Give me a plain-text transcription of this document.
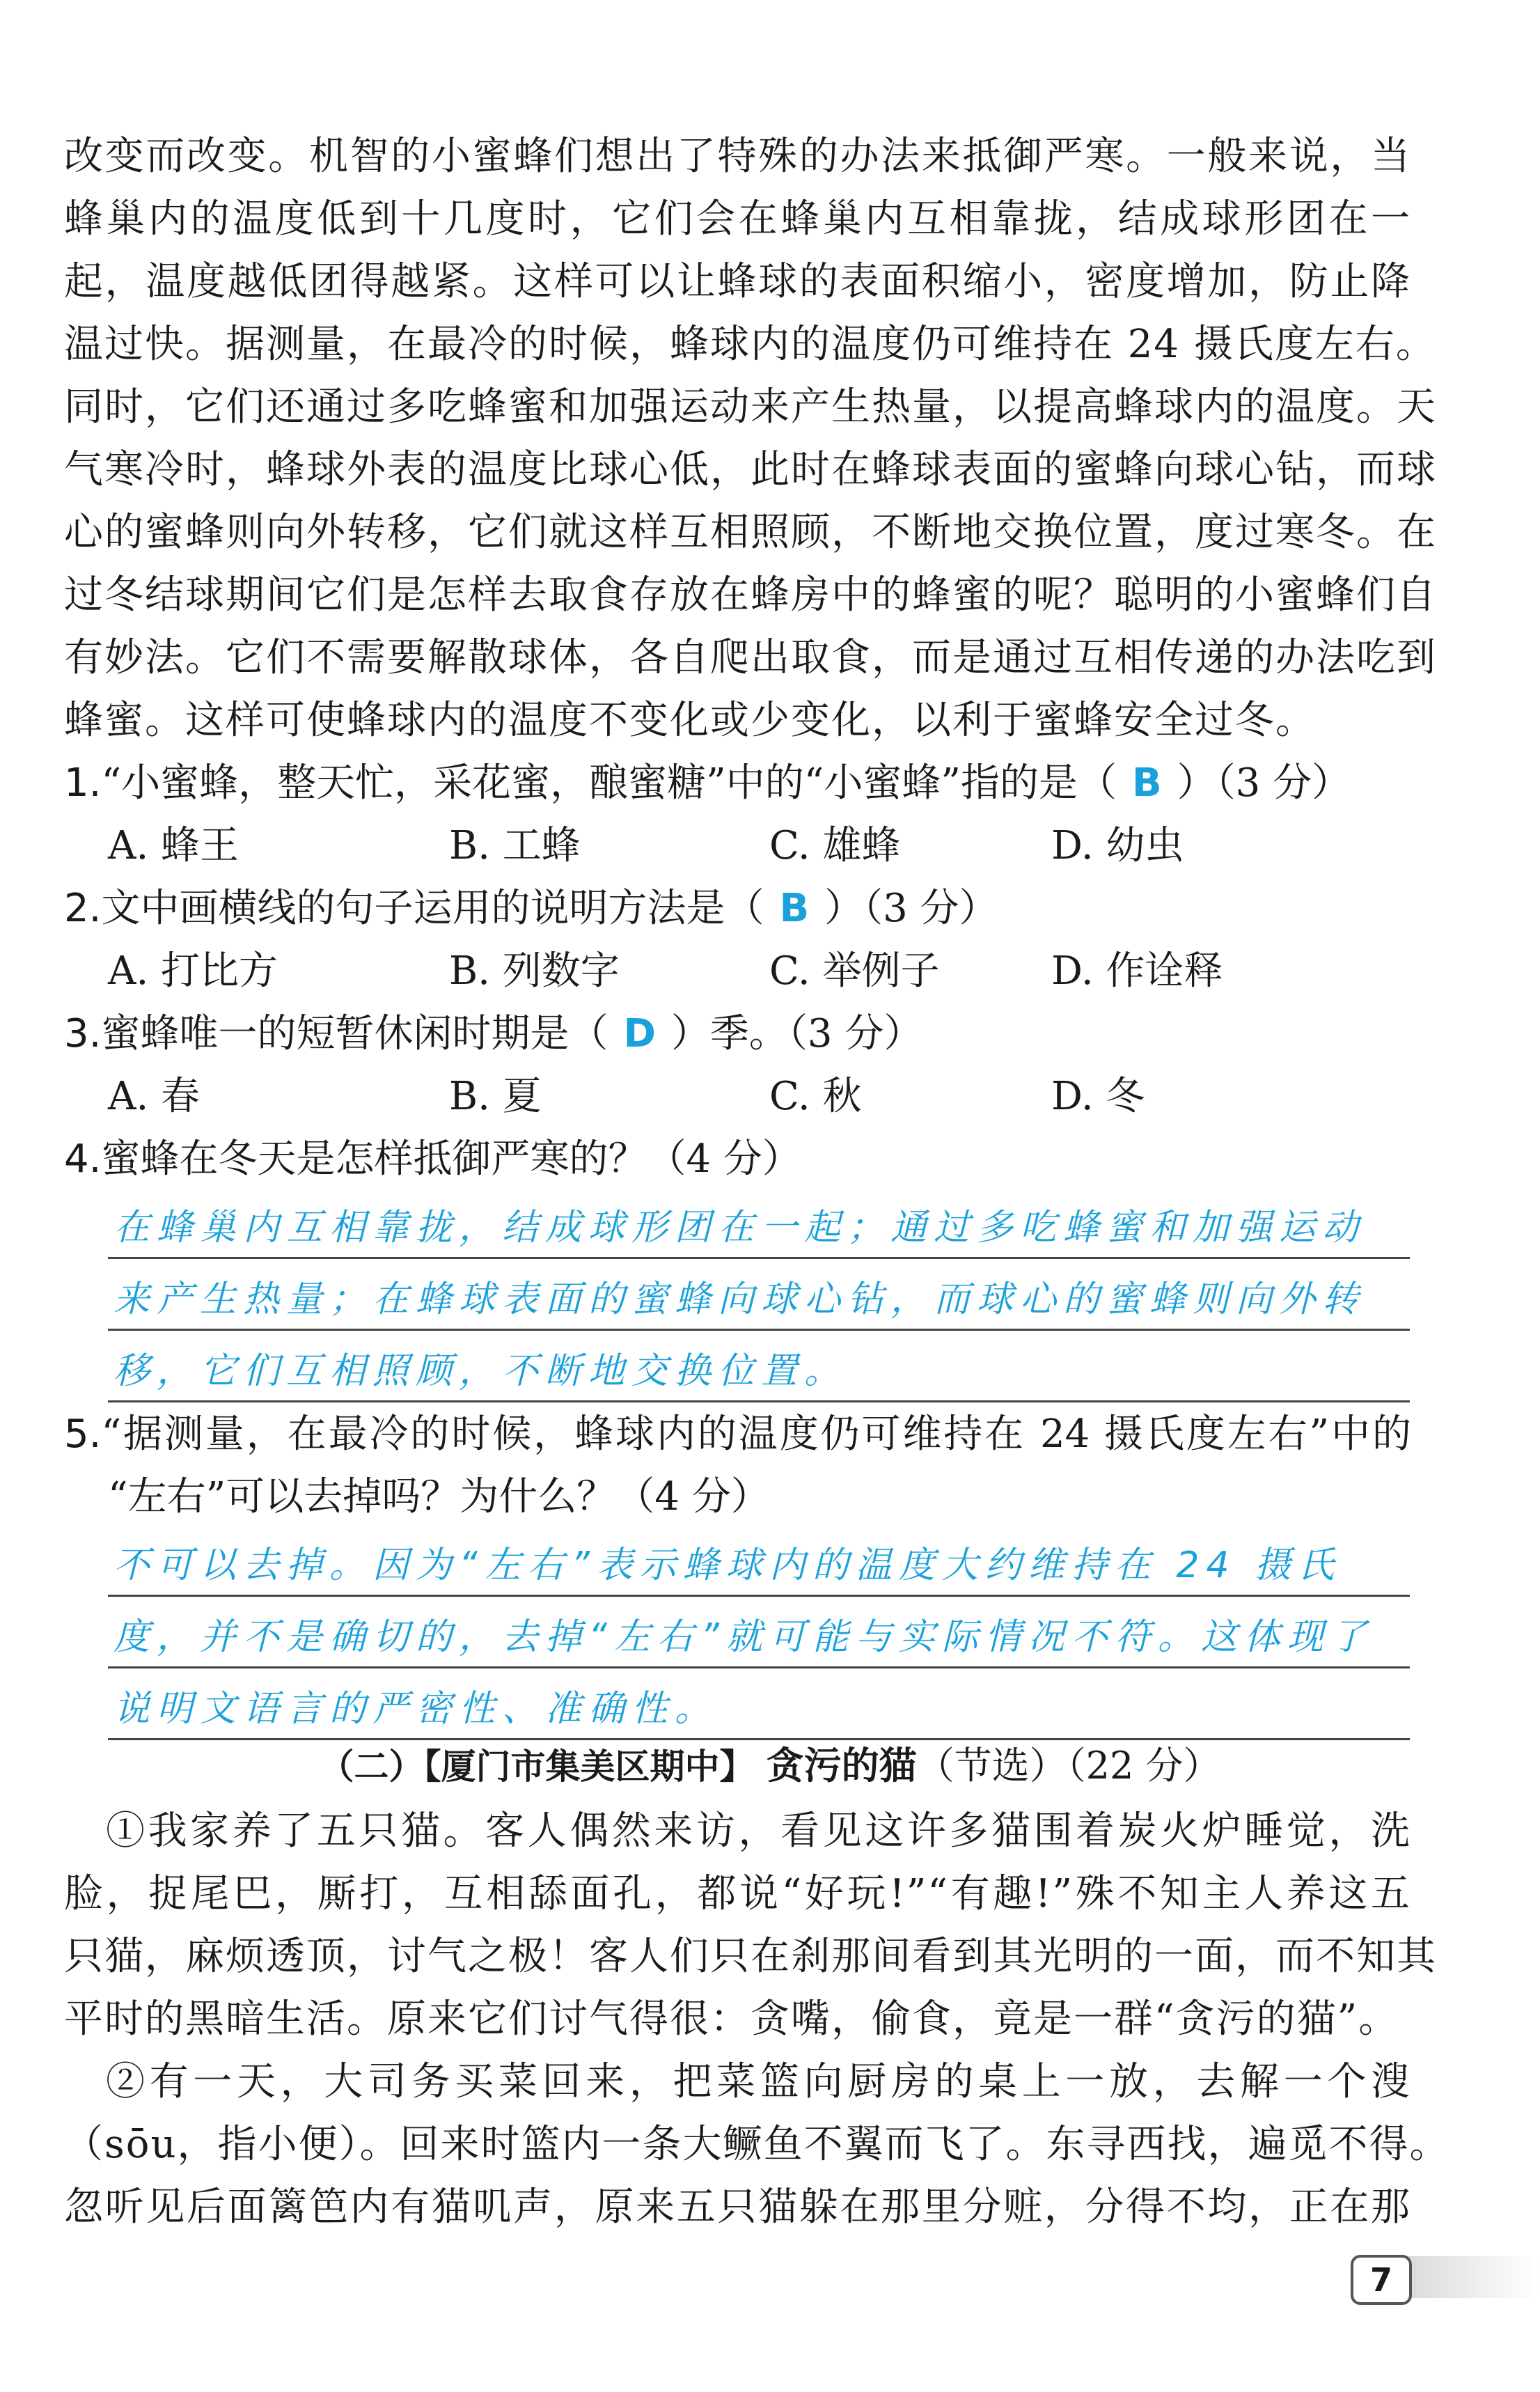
改变而改变。机智的小蜜蜂们想出了特殊的办法来抵御严寒。一般来说，当
蜂巢内的温度低到十几度时，它们会在蜂巢内互相靠拢，结成球形团在一
起，温度越低团得越紧。这样可以让蜂球的表面积缩小，密度增加，防止降
温过快。据测量，在最冷的时候，蜂球内的温度仍可维持在 24 摄氏度左右。
同时，它们还通过多吃蜂蜜和加强运动来产生热量，以提高蜂球内的温度。天
气寒冷时，蜂球外表的温度比球心低，此时在蜂球表面的蜜蜂向球心钻，而球
心的蜜蜂则向外转移，它们就这样互相照顾，不断地交换位置，度过寒冬。在
过冬结球期间它们是怎样去取食存放在蜂房中的蜂蜜的呢？聪明的小蜜蜂们自
有妙法。它们不需要解散球体，各自爬出取食，而是通过互相传递的办法吃到
蜂蜜。这样可使蜂球内的温度不变化或少变化，以利于蜜蜂安全过冬。
1.“小蜜蜂，整天忙，采花蜜，酿蜜糖”中的“小蜜蜂”指的是（ B ）（3 分）
A. 蜂王	B. 工蜂	C. 雄蜂	D. 幼虫
2.文中画横线的句子运用的说明方法是（ B ）（3 分）
A. 打比方	B. 列数字	C. 举例子	D. 作诠释
3.蜜蜂唯一的短暂休闲时期是（ D ）季。（3 分）
A. 春	B. 夏	C. 秋	D. 冬
4.蜜蜂在冬天是怎样抵御严寒的？（4 分）
在蜂巢内互相靠拢，结成球形团在一起；通过多吃蜂蜜和加强运动
来产生热量；在蜂球表面的蜜蜂向球心钻，而球心的蜜蜂则向外转
移，它们互相照顾，不断地交换位置。
5.“据测量，在最冷的时候，蜂球内的温度仍可维持在 24 摄氏度左右”中的
“左右”可以去掉吗？为什么？（4 分）
不可以去掉。因为“左右”表示蜂球内的温度大约维持在 24 摄氏
度，并不是确切的，去掉“左右”就可能与实际情况不符。这体现了
说明文语言的严密性、准确性。
（二）【厦门市集美区期中】 贪污的猫（节选）（22 分）
①我家养了五只猫。客人偶然来访，看见这许多猫围着炭火炉睡觉，洗
脸，捉尾巴，厮打，互相舔面孔，都说“好玩!”“有趣!”殊不知主人养这五
只猫，麻烦透顶，讨气之极！客人们只在刹那间看到其光明的一面，而不知其
平时的黑暗生活。原来它们讨气得很：贪嘴，偷食，竟是一群“贪污的猫”。
②有一天，大司务买菜回来，把菜篮向厨房的桌上一放，去解一个溲
（sōu，指小便）。回来时篮内一条大鳜鱼不翼而飞了。东寻西找，遍觅不得。
忽听见后面篱笆内有猫叽声，原来五只猫躲在那里分赃，分得不均，正在那
7
